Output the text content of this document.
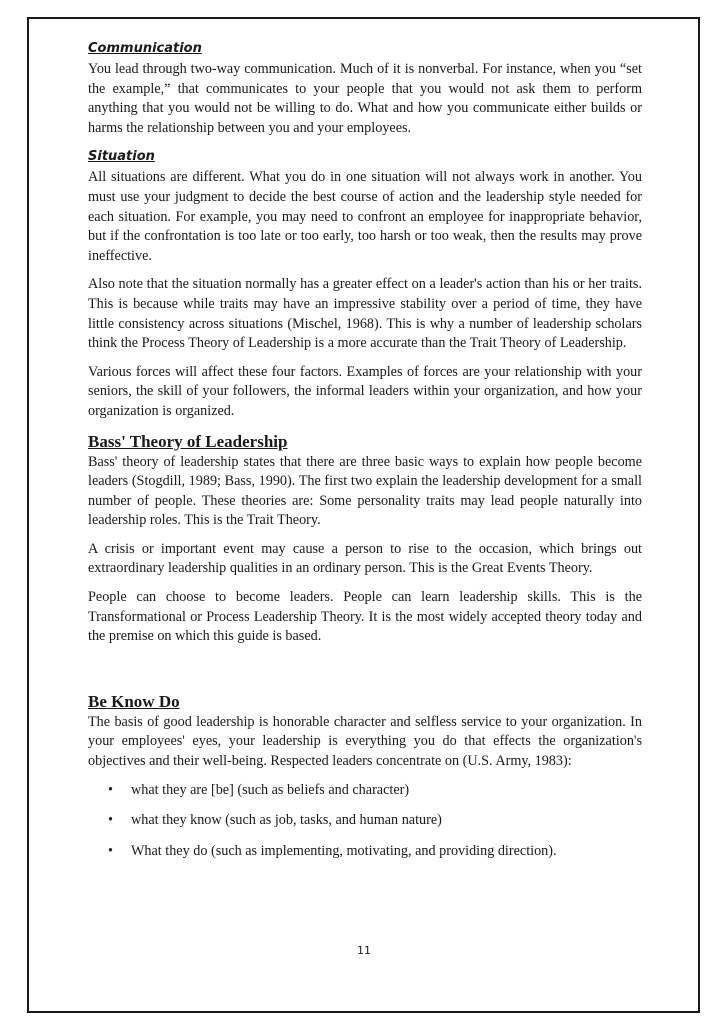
Communication

You lead through two-way communication. Much of it is nonverbal. For instance, when you “set the example,” that communicates to your people that you would not ask them to perform anything that you would not be willing to do. What and how you communicate either builds or harms the relationship between you and your employees.

Situation

All situations are different. What you do in one situation will not always work in another. You must use your judgment to decide the best course of action and the leadership style needed for each situation. For example, you may need to confront an employee for inappropriate behavior, but if the confrontation is too late or too early, too harsh or too weak, then the results may prove ineffective.

Also note that the situation normally has a greater effect on a leader's action than his or her traits. This is because while traits may have an impressive stability over a period of time, they have little consistency across situations (Mischel, 1968). This is why a number of leadership scholars think the Process Theory of Leadership is a more accurate than the Trait Theory of Leadership.

Various forces will affect these four factors. Examples of forces are your relationship with your seniors, the skill of your followers, the informal leaders within your organization, and how your organization is organized.

Bass' Theory of Leadership

Bass' theory of leadership states that there are three basic ways to explain how people become leaders (Stogdill, 1989; Bass, 1990). The first two explain the leadership development for a small number of people. These theories are: Some personality traits may lead people naturally into leadership roles. This is the Trait Theory.

A crisis or important event may cause a person to rise to the occasion, which brings out extraordinary leadership qualities in an ordinary person. This is the Great Events Theory.

People can choose to become leaders. People can learn leadership skills. This is the Transformational or Process Leadership Theory. It is the most widely accepted theory today and the premise on which this guide is based.

Be Know Do

The basis of good leadership is honorable character and selfless service to your organization. In your employees' eyes, your leadership is everything you do that effects the organization's objectives and their well-being. Respected leaders concentrate on (U.S. Army, 1983):

• what they are [be] (such as beliefs and character)
• what they know (such as job, tasks, and human nature)
• What they do (such as implementing, motivating, and providing direction).
11
